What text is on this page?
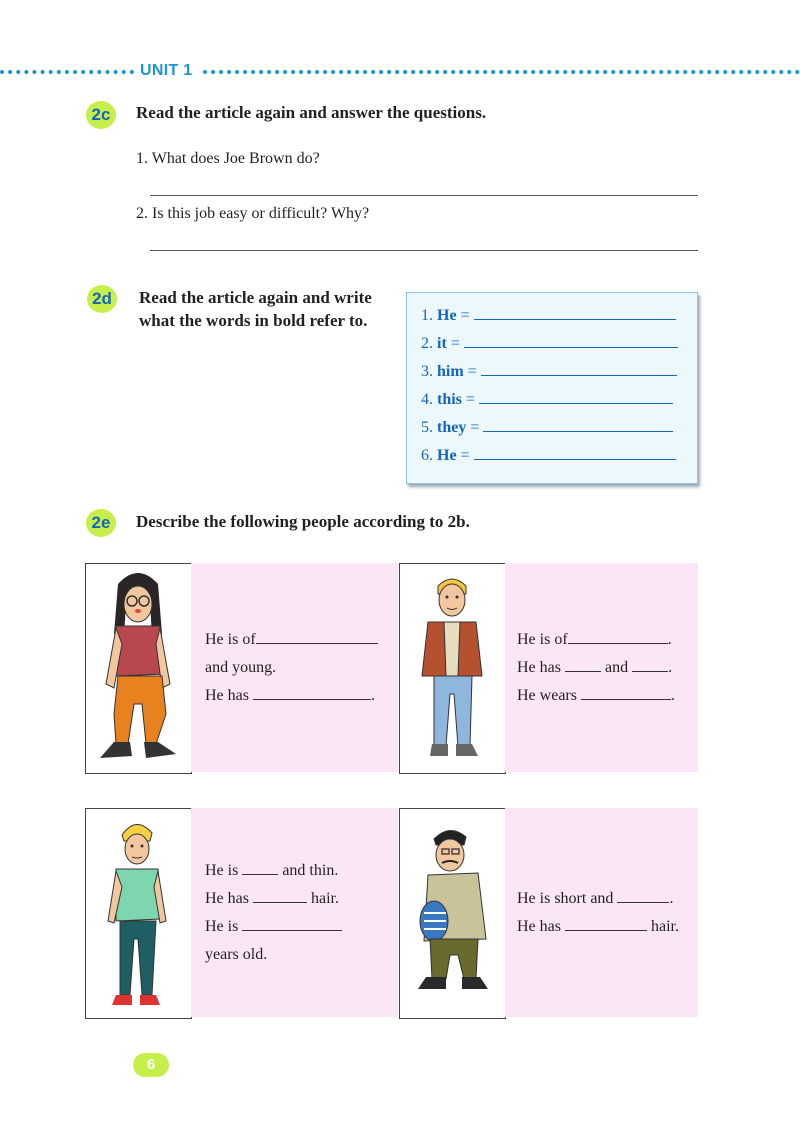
UNIT 1
2c	Read the article again and answer the questions.
1. What does Joe Brown do?
2. Is this job easy or difficult? Why?
2d Read the article again and write
what the words in bold refer to.	1. He =
2. it =
3. him =
4. this =
5. they =
6. He =
2e	Describe the following people according to 2b.
He is of
and young.
He has	.
He is of	.
He has	and	.
He wears	.
He is	and thin.
He has	hair.
He is
years old.
He is short and	.
He has	hair.
6
